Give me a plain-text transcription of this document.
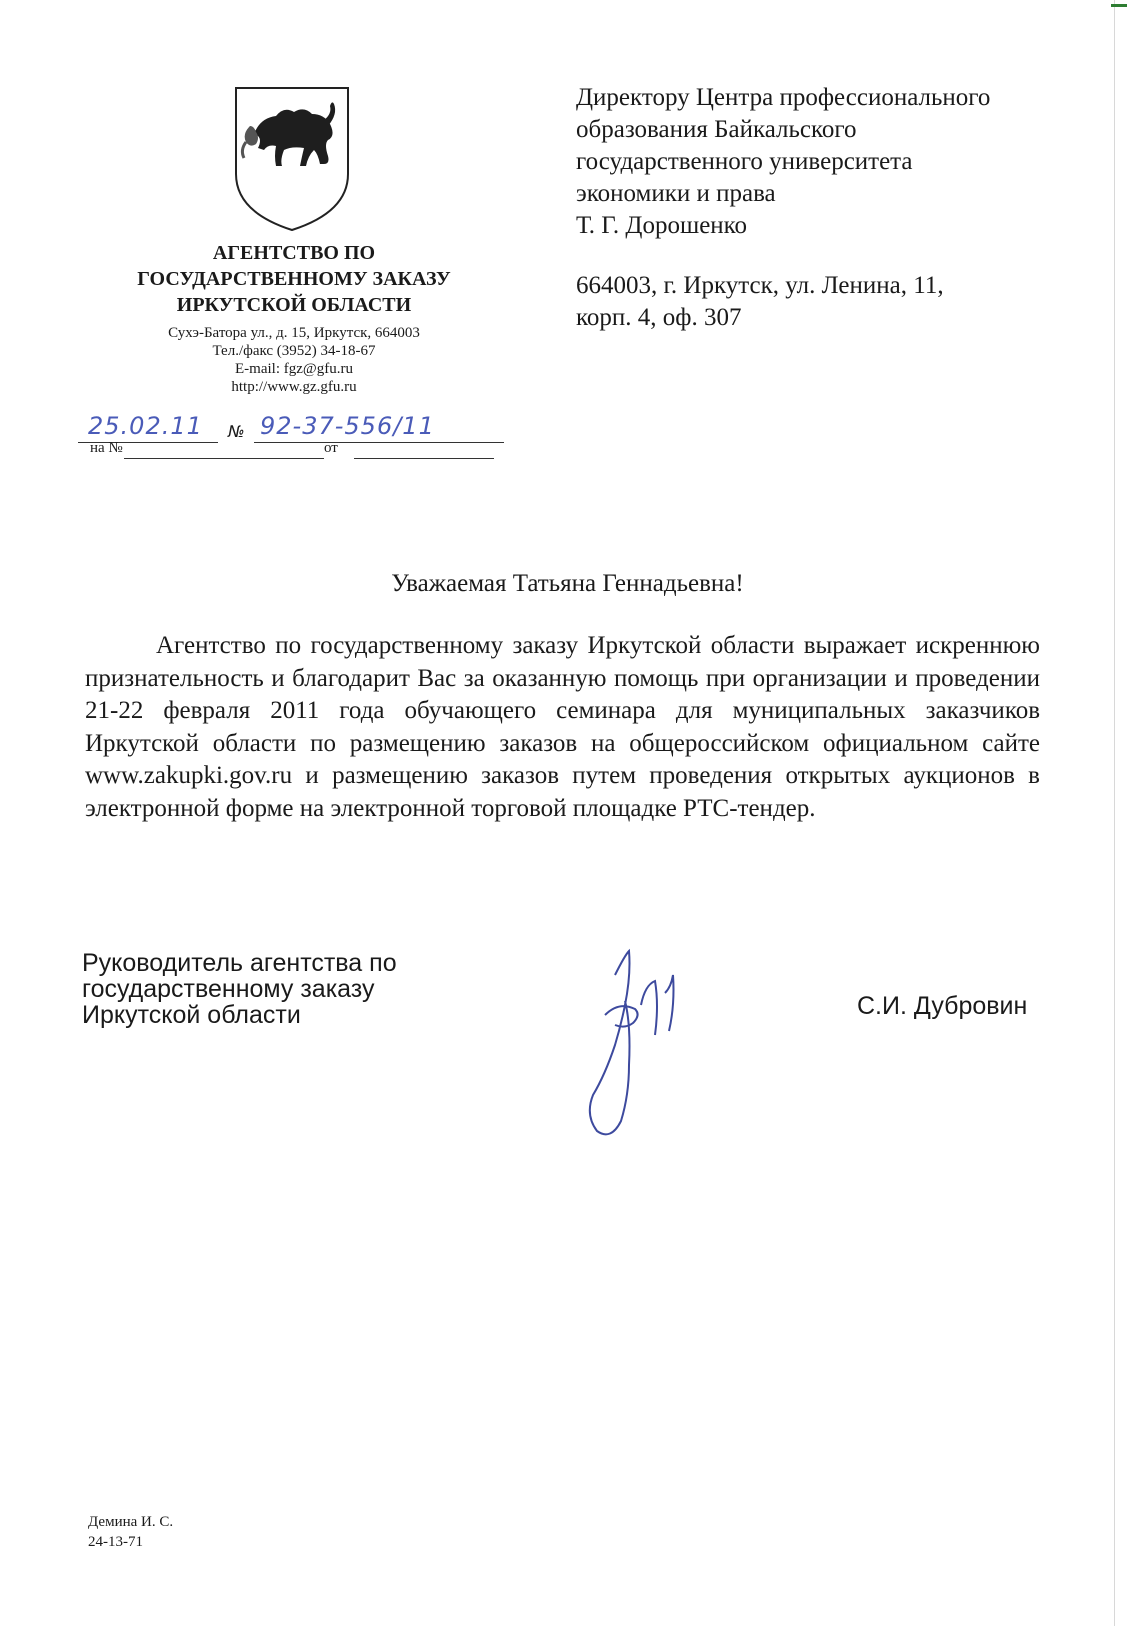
АГЕНТСТВО ПО
ГОСУДАРСТВЕННОМУ ЗАКАЗУ
ИРКУТСКОЙ ОБЛАСТИ
Сухэ-Батора ул., д. 15, Иркутск, 664003
Тел./факс (3952) 34-18-67
E-mail: fgz@gfu.ru
http://www.gz.gfu.ru
25.02.11 № 92-37-556/11
на №	от
Директору Центра профессионального
образования Байкальского
государственного университета
экономики и права
Т. Г. Дорошенко
664003, г. Иркутск, ул. Ленина, 11,
корп. 4, оф. 307
Уважаемая Татьяна Геннадьевна!
Агентство по государственному заказу Иркутской области выражает искреннюю признательность и благодарит Вас за оказанную помощь при организации и проведении 21-22 февраля 2011 года обучающего семинара для муниципальных заказчиков Иркутской области по размещению заказов на общероссийском официальном сайте www.zakupki.gov.ru и размещению заказов путем проведения открытых аукционов в электронной форме на электронной торговой площадке РТС-тендер.
Руководитель агентства по
государственному заказу
Иркутской области	С.И. Дубровин
Демина И. С.
24-13-71
